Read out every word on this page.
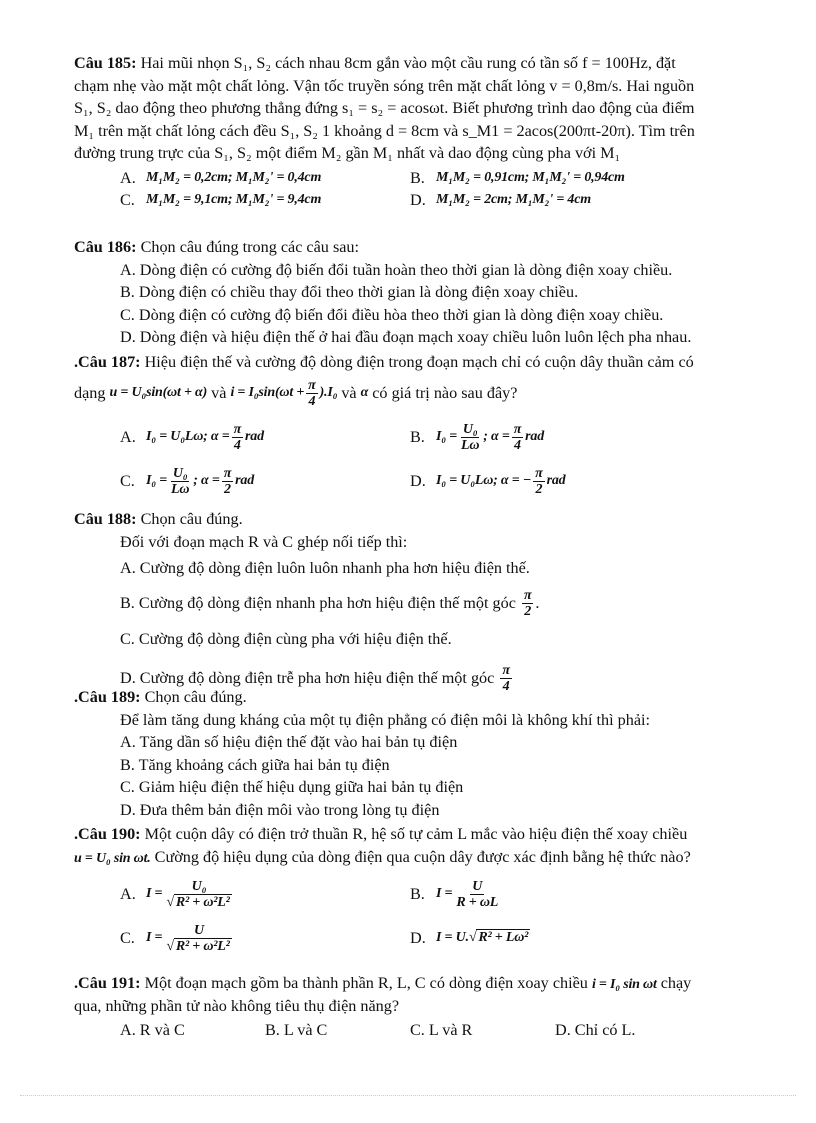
Câu 185: Hai mũi nhọn S₁, S₂ cách nhau 8cm gắn vào một cầu rung có tần số f = 100Hz, đặt
chạm nhẹ vào mặt một chất lỏng. Vận tốc truyền sóng trên mặt chất lỏng v = 0,8m/s. Hai nguồn
S₁, S₂ dao động theo phương thẳng đứng s₁ = s₂ = acosωt. Biết phương trình dao động của điểm
M₁ trên mặt chất lỏng cách đều S₁, S₂ 1 khoảng d = 8cm và s_M1 = 2acos(200πt-20π). Tìm trên
đường trung trực của S₁, S₂ một điểm M₂ gần M₁ nhất và dao động cùng pha với M₁
A. M₁M₂ = 0,2cm; M₁M₂' = 0,4cm	B. M₁M₂ = 0,91cm; M₁M₂' = 0,94cm
C. M₁M₂ = 9,1cm; M₁M₂' = 9,4cm	D. M₁M₂ = 2cm; M₁M₂' = 4cm
Câu 186: Chọn câu đúng trong các câu sau:
A. Dòng điện có cường độ biến đổi tuần hoàn theo thời gian là dòng điện xoay chiều.
B. Dòng điện có chiều thay đổi theo thời gian là dòng điện xoay chiều.
C. Dòng điện có cường độ biến đổi điều hòa theo thời gian là dòng điện xoay chiều.
D. Dòng điện và hiệu điện thế ở hai đầu đoạn mạch xoay chiều luôn luôn lệch pha nhau.
.Câu 187: Hiệu điện thế và cường độ dòng điện trong đoạn mạch chỉ có cuộn dây thuần cảm có
dạng
u = U₀sin(ωt + α)
và
$i = I_0\sin(\omega t + \frac{\pi}{4} ).I_0$
và
α
có giá trị nào sau đây?
A. I₀ = U₀Lω; $\alpha = \frac{\pi}{4}$ rad	B. $I_0 = \frac{\text{U₀}}{L\omega}$ ; $\alpha = \frac{\pi}{4}$ rad
C. $I_0 = \frac{\text{U₀}}{L\omega}$ ; $\alpha = \frac{\pi}{2}$ rad	D. I₀ = U₀Lω; α = − $\frac{\pi}{2}$ rad
Câu 188: Chọn câu đúng.
Đối với đoạn mạch R và C ghép nối tiếp thì:
A. Cường độ dòng điện luôn luôn nhanh pha hơn hiệu điện thế.
B. Cường độ dòng điện nhanh pha hơn hiệu điện thế một góc
$\frac{\pi}{2}$ .
C. Cường độ dòng điện cùng pha với hiệu điện thế.
D. Cường độ dòng điện trễ pha hơn hiệu điện thế một góc
$\frac{\pi}{4}$
.Câu 189: Chọn câu đúng.
Để làm tăng dung kháng của một tụ điện phẳng có điện môi là không khí thì phải:
A. Tăng dần số hiệu điện thế đặt vào hai bản tụ điện
B. Tăng khoảng cách giữa hai bản tụ điện
C. Giảm hiệu điện thế hiệu dụng giữa hai bản tụ điện
D. Đưa thêm bản điện môi vào trong lòng tụ điện
.Câu 190: Một cuộn dây có điện trở thuần R, hệ số tự cảm L mắc vào hiệu điện thế xoay chiều
u = U₀ sin ωt. Cường độ hiệu dụng của dòng điện qua cuộn dây được xác định bằng hệ thức nào?
A. $I = \frac{\text{U₀}}{\text{√ R² + ω²L²}}$	B. $I = \frac{U}{R + \omega L}$
C. $I = \frac{U}{\text{√ R² + ω²L²}}$	D. I = U. √ R² + Lω²
.Câu 191: Một đoạn mạch gồm ba thành phần R, L, C có dòng điện xoay chiều i = I₀ sin ωt chạy
qua, những phần tử nào không tiêu thụ điện năng?
A. R và C	B. L và C	C. L và R	D. Chỉ có L.
